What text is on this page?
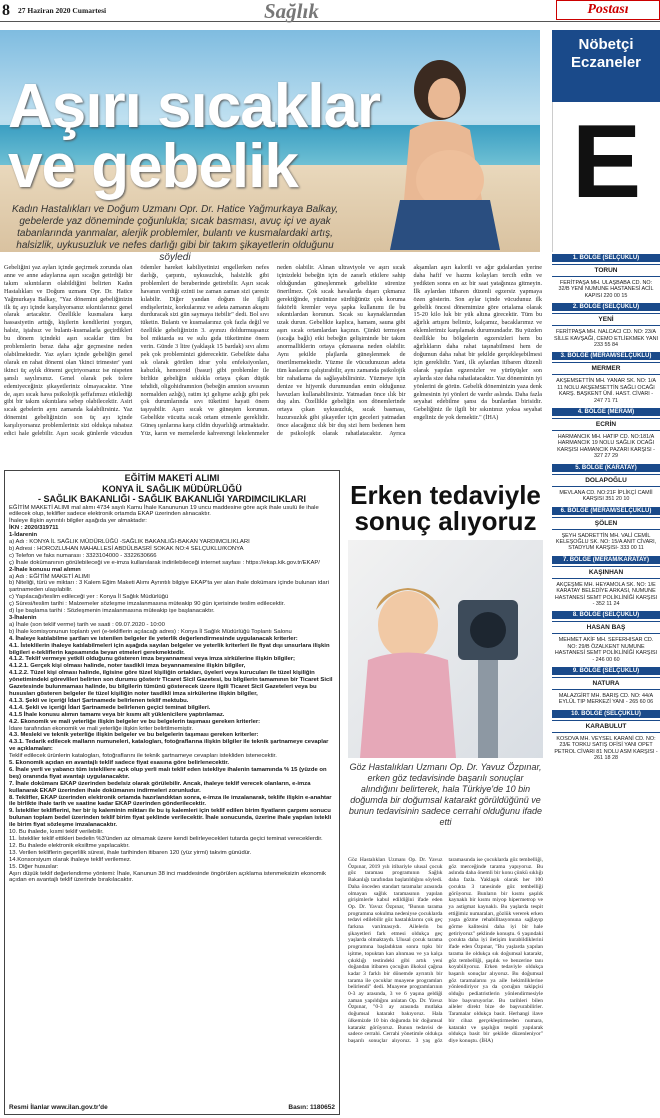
8 27 Haziran 2020 Cumartesi	Sağlık	Postası
Aşırı sıcaklar
ve gebelik
Kadın Hastalıkları ve Doğum Uzmanı Opr. Dr. Hatice Yağmurkaya Balkay, gebelerde yaz döneminde çoğunlukla; sıcak basması, avuç içi ve ayak tabanlarında yanmalar, alerjik problemler, bulantı ve kusmalardaki artış, halsizlik, uykusuzluk ve nefes darlığı gibi bir takım şikayetlerin olduğunu söyledi
Gebeliğini yaz ayları içinde geçirmek zorunda olan anne ve anne adaylarına aşırı sıcağın getirdiği bir takım sıkıntıların olabildiğini belirten Kadın Hastalıkları ve Doğum uzmanı Opr. Dr. Hatice Yağmurkaya Balkay, "Yaz dönemini gebeliğinizin ilk üç ayı içinde karşılıyorsanız sıkıntılarınız genel olarak artacaktır. Özellikle kusmalara karşı hassasiyetin arttığı, kişilerin kendilerini yorgun, halsiz, iştahsız ve bulantı-kusmalarla geçirdikleri bu dönem içindeki aşırı sıcaklar tüm bu problemlerin beraz daha ağır geçmesine neden olabilmektedir. Yaz ayları içinde gebeliğin genel olarak en rahat dönemi olan 'ikinci trimester' yani ikinci üç aylık dönemi geçiriyorsanız ise nispeten şanslı sayılırsınız. Genel olarak pek tolere edemiyeceğiniz şikayetleriniz olmayacaktır. Yine de, aşırı sıcak hava psikolojik şeffafımızı etkilediği gibi bir takım sıkıntılara sebep olabilecektir. Asiri sıcak gebelerin aynı zamanda kalabilirsiniz. Yaz dönemini gebeliğinizin son üç ayı içinde karşılıyorsanız problemleriniz sizi oldukça rahatsız edici hale gelebilir. Aşırı sıcak günlerde vücudun ödemler hareket kabiliyetinizi engellerken nefes darlığı, çarpıntı, uykusuzluk, halsizlik gibi problemleri de beraberinde getirebilir. Aşırı sıcak havanın verdiği ezinti ise zaman zaman sizi çaresiz kılabilir. Diğer yandan doğum ile ilgili endişeleriniz, korkularınız ve adeta zamanın akışını durduracak sizi gün saymaya itebilir" dedi. Bol sıvı tüketin. Bulantı ve kusmalarınız çok fazla değil ve özellikle gebeliğinizin 3. ayınızı doldurmuşsanız bol miktarda su ve sulu gıda tüketimine önem verin. Günde 3 litre (yaklaşık 15 bardak) sıvı alımı pek çok probleminizi giderecektir. Gebelikte daha sık olarak görülen idrar yolu enfeksiyonları, kabızlık, hemoroid (basur) gibi problemler ile birlikte gebeliğin sıklıkla ortaya çıkan düşük tehdidi, oligohidramnion (bebeğin amnion sıvısının normalden azlığı), ratim içi gelişme azlığı gibi pek çok durumlarında sıvı tüketimi hayati önem taşıyabilir. Aşırı sıcak ve güneşten korunun. Gebelikte vücutta sıcak ortam etmenle gereklidir. Güneş ışınlarına karşı cildin duyarlılığı artmaktadır. Yüz, karın ve memelerde kahverengi lekelenmeler neden olabilir. Alınan ultraviyole ve aşırı sıcak içinizdeki bebeğin için de zararlı etkilere sahip olduğundan güneşlenmek gebelikte sürenize önerilmez. Çok sıcak havalarda dışarı çıkmanız gerektiğinde, yüzünüze sürdüğünüz çok koruma faktörlü kremler veya şapka kullanımı ile bu sıkıntılardan korunun. Sıcak su kaynaklarından uzak durun. Gebelikte kaplıca, hamam, sauna gibi aşırı sıcak ortamlardan kaçının. Çünkü termojen (sıcağa bağlı) etki bebeğin gelişiminde bir takım anormalliklerin ortaya çıkmasına neden olabilir. Aynı şekilde plajlarda güneşlenmek de önerilmemektedir. Yüzme ile vücudunuzun adeta tüm kaslarını çalıştırabilir, aynı zamanda psikolojik bir rahatlama da sağlayabilirsiniz. Yüzmeye için denize ve hijyenik durumundan emin olduğunuz havuzları kullanabilirsiniz. Yatmadan önce ılık bir duş alın. Özellikle gebeliğin son dönemlerinde ortaya çıkan uykusuzluk, sıcak basması, huzursuzluk gibi şikayetler için geceleri yatmadan önce alacağınız ılık bir duş sizi hem bedenen hem de psikolojik olarak rahatlatacaktır. Ayrıca akşamları aşırı kalorili ve ağır gıdalardan yerine daha hafif ve hazmı kolayları tercih edin ve yedikten sonra en az bir saat yatağınıza gitmeyin. İlk aylardan itibaren düzenli egzersiz yapmaya özen gösterin. Son aylar içinde vücudunuz ilk gebelik öncesi dönemimize göre ortalama olarak 15-20 kilo luk bir yük altına girecektir. Tüm bu ağırlık artışını belimiz, kalçamız, bacaklarımız ve eklemlerimiz karşılamak durumundadır. Bu yüzden özellikle bu bölgelerin egzersizleri hem bu ağırlıkların daha rahat taşınabilmesi hem de doğumun daha rahat bir şekilde gerçekleşebilmesi için gereklidir. Yani, ilk aylardan itibaren düzenli olarak yapılan egzersizler ve yürüyüşler son aylarda size daha rahatlatacaktır. Yaz döneminin iyi yönlerini de görün. Gebelik döneminizin yaza denk gelmesinin iyi yönleri de vardır aslında. Daha fazla seyahat edebilme şansı da bunlardan birisidir. Gebeliğiniz ile ilgili bir sıkıntınız yoksa seyahat engeliniz de yok demektir." (İHA)
EĞİTİM MAKETİ ALIMI
KONYA İL SAĞLIK MÜDÜRLÜĞÜ
- SAĞLIK BAKANLIĞI - SAĞLIK BAKANLIĞI YARDIMCILIKLARI
EĞİTİM MAKETİ ALIMI mal alımı 4734 sayılı Kamu İhale Kanununun 19 uncu maddesine göre açık ihale usulü ile ihale edilecek olup, teklifler sadece elektronik ortamda EKAP üzerinden alınacaktır.
İhaleye ilişkin ayrıntılı bilgiler aşağıda yer almaktadır:
İKN : 2020/319711
1-İdarenin
a) Adı : KONYA İL SAĞLIK MÜDÜRLÜĞÜ -SAĞLIK BAKANLIĞI-BAKAN YARDIMCILIKLARI
b) Adresi : HOROZLUHAN MAHALLESİ ABDÜLBASRİ SOKAK NO:4 SELÇUKLU/KONYA
c) Telefon ve faks numarası : 3323104000 - 3322630666
ç) İhale dokümanının görülebileceği ve e-imza kullanılarak indirilebileceği internet sayfası : https://ekap.kik.gov.tr/EKAP/
2-İhale konusu mal alımın
a) Adı : EĞİTİM MAKETİ ALIMI
b) Niteliği, türü ve miktarı : 3 Kalem Eğim Maketi Alımı Ayrıntılı bilgiye EKAP'ta yer alan ihale dokümanı içinde bulunan idari şartnameden ulaşılabilir.
c) Yapılacağı/teslim edileceği yer : Konya İl Sağlık Müdürlüğü
ç) Süresi/teslim tarihi : Malzemeler sözleşme imzalanmasına müteakip 90 gün içerisinde teslim edilecektir.
d) İşe başlama tarihi : Sözleşmenin imzalanmasına müteakip işe başlanacaktır.
3-İhalenin
a) İhale (son teklif verme) tarih ve saati : 09.07.2020 - 10:00
b) İhale komisyonunun toplantı yeri (e-tekliflerin açılacağı adres) : Konya İl Sağlık Müdürlüğü Toplantı Salonu
4. İhaleye katılabilme şartları ve istenilen belgeler ile yeterlik değerlendirmesinde uygulanacak kriterler:
4.1. İsteklilerin ihaleye katılabilmeleri için aşağıda sayılan belgeler ve yeterlik kriterleri ile fiyat dışı unsurlara ilişkin bilgileri e-tekliflerin kapsamında beyan etmeleri gerekmektedir.
4.1.2. Teklif vermeye yetkili olduğunu gösteren imza beyannamesi veya imza sirkülerine ilişkin bilgiler;
4.1.2.1. Gerçek kişi olması halinde, noter tasdikli imza beyannamesine ilişkin bilgiler,
4.1.2.2. Tüzel kişi olması halinde, ilgisine göre tüzel kişiliğin ortakları, üyeleri veya kurucuları ile tüzel kişiliğin yönetimindeki görevlileri belirten son durumu gösterir Ticaret Sicil Gazetesi, bu bilgilerin tamamının bir Ticaret Sicil Gazetesinde bulunmaması halinde, bu bilgilerin tümünü gösterecek üzere ilgili Ticaret Sicil Gazeteleri veya bu hususları gösteren belgeler ile tüzel kişiliğin noter tasdikli imza sirkülerine ilişkin bilgiler,
4.1.3. Şekli ve içeriği İdari Şartnamede belirlenen teklif mektubu.
4.1.4. Şekli ve içeriği İdari Şartnamede belirlenen geçici teminat bilgileri.
4.1.5 İhale konusu alımın tamamı veya bir kısmı alt yüklenicilere yaptırılamaz.
4.2. Ekonomik ve mali yeterliğe ilişkin belgeler ve bu belgelerin taşıması gereken kriterler:
İdare tarafından ekonomik ve mali yeterliğe ilişkin kriter belirtilmemiştir.
4.3. Mesleki ve teknik yeterliğe ilişkin belgeler ve bu belgelerin taşıması gereken kriterler:
4.3.1. Tedarik edilecek malların numuneleri, katalogları, fotoğraflarına ilişkin bilgiler ile teknik şartnameye cevaplar ve açıklamaları:
Teklif edilecek ürünlerin katalogları, fotoğraflarını ile teknik şartnameye cevapları istekliden istenecektir.
5. Ekonomik açıdan en avantajlı teklif sadece fiyat esasına göre belirlenecektir.
6. İhale yerli ve yabancı tüm isteklilere açık olup yerli malı teklif eden istekliye ihalenin tamamında % 15 (yüzde on beş) oranında fiyat avantajı uygulanacaktır.
7. İhale dokümanı EKAP üzerinden bedelsiz olarak görülebilir. Ancak, ihaleye teklif verecek olanların, e-imza kullanarak EKAP üzerinden ihale dokümanını indirmeleri zorunludur.
8. Teklifler, EKAP üzerinden elektronik ortamda hazırlandıktan sonra, e-imza ile imzalanarak, teklife ilişkin e-anahtar ile birlikte ihale tarih ve saatine kadar EKAP üzerinden gönderilecektir.
9. İstekliler tekliflerini, her bir iş kaleminin miktarı ile bu iş kalemleri için teklif edilen birim fiyatların çarpımı sonucu bulunan toplam bedel üzerinden teklif birim fiyat şeklinde verilecektir. İhale sonucunda, üzerine ihale yapılan istekli ile birim fiyat sözleşme imzalanacaktır.
10. Bu ihalede, kısmi teklif verilebilir.
11. İstekliler teklif ettikleri bedelin %3'ünden az olmamak üzere kendi belirleyecekleri tutarda geçici teminat vereceklerdir.
12. Bu ihalede elektronik eksiltme yapılacaktır.
13. Verilen tekliflerin geçerlilik süresi, ihale tarihinden itibaren 120 (yüz yirmi) takvim günüdür.
14.Konsorsiyum olarak ihaleye teklif verilemez.
15. Diğer hususlar:
Aşırı düşük teklif değerlendirme yöntemi: İhale, Kanunun 38 inci maddesinde öngörülen açıklama istenmeksizin ekonomik açıdan en avantajlı teklif üzerinde bırakılacaktır.
Resmi İlanlar www.ilan.gov.tr'de	Basın: 1180652
Erken tedaviyle
sonuç alıyoruz
Göz Hastalıkları Uzmanı Op. Dr. Yavuz Özpınar, erken göz tedavisinde başarılı sonuçlar alındığını belirterek, hala Türkiye'de 10 bin doğumda bir doğumsal katarakt görüldüğünü ve bunun tedavisinin sadece cerrahi olduğunu ifade etti
Göz Hastalıkları Uzmanı Op. Dr. Yavuz Özpınar, 2019 yılı itibariyle ulusal çocuk göz taraması programının Sağlık Bakanlığı tarafından başlatıldığını söyledi. Daha önceden standart taramalar arasında olmayan sağlık taramasının yapılan girişimlerle kabul edildiğini ifade eden Op. Dr. Yavuz Özpınar, "Bunun tarama programına sokulma nedeniyse çocuklarda tedavi edilebilir göz hastalıklarını çok geç farkına varılmasıydı. Ailelerin bu şikayetleri fark etmesi oldukça geç yaşlarda olmaktaydı. Ulusal çocuk tarama programına başladıktan sonra tıpkı bir işitme, topuktan kan alınması ve ya kalça çıkıklığı testindeki gibi artık yeni doğandan itibaren çocuğun ilkokul çağına kadar 3 farklı bir dönemde ayrıntılı bir tarama ile çocuklar muayene programları belirlendi" dedi. Muayene programlarının 0-3 ay arasında, 3 ve 6 yaşına geldiği zaman yapıldığını anlatan Op. Dr. Yavuz Özpınar, "0-3 ay arasında mutlaka doğumsal katarakt bakıyoruz. Hala ülkemizde 10 bin doğumda bir doğumsal katarakt görüyoruz. Bunun tedavisi de sadece cerrahi. Cerrahi yönetimle oldukça başarılı sonuçlar alıyoruz. 3 yaş göz taramasında ise çocuklarda göz tembelliği, göz merceğinde tarama yapıyoruz. Bu aslında daha önemli bir konu çünkü sıklığı daha fazla. Yaklaşık olarak her 100 çocukta 3 tanesinde göz tembelliği görüyoruz. Bunların bir kısmı şaşılık kaynaklı bir kısmı miyop hipermetrop ve ya astigmat kaynaklı. Bu yaşlarda tespit ettiğimiz numaraları, gözlük vererek erken yaşta gözme rehabilitasyonuna sağlayıp görme kalitesini daha iyi bir hale getiriyoruz" şeklinde konuştu. 6 yaşındaki çocukta daha iyi iletişim kurabildiklerini ifade eden Özpınar, "Bu yaşlarda yapılan tarama ile oldukça sık doğumsal katarakt, göz tembelliği, şaşılık ve benzerine tanı koyabiliyoruz. Erken tedaviyle oldukça başarılı sonuçlar alıyoruz. Bu doğumsal göz taramalarını ya aile hekimliklerine yönlendiriyor ya da çocuğun takipçisi olduğu pediatristlerin yönlendirmesiyle bize başvuruyorlar. Bu tarihleri bilen aileler direkt bize de başvurabilirler. Taramalar oldukça basit. Herhangi ilave bir cihaz gerçekleştirmeden numara, katarakt ve şaşılığın tespiti yapılarak oldukça basit bir şekilde düzenleniyor" diye konuştu. (İHA)
Nöbetçi
Eczaneler
E
1. BÖLGE (SELÇUKLU)
TORUN
FERİTPAŞA MH. ULAŞBABA CD. NO: 32/B YENİ NUMUNE HASTANESİ ACİL KAPISI 220 00 15
2. BÖLGE (SELÇUKLU)
YENİ
FERİTPAŞA MH. NALCACI CD. NO: 23/A SİLLE KAVŞAĞI, CEMO ETLİEKMEK YANI 233 55 84
3. BÖLGE (MERAM/SELÇUKLU)
MERMER
AKŞEMSETTİN MH. YANAR SK. NO: 1/A 11 NOLU AKŞEMSETTİN SAĞLI OCAĞI KARŞ. BAŞKENT ÜNİ. HAST. CİVARI - 247 71 71
4. BÖLGE (MERAM)
ECRİN
HARMANCIK MH. HATIP CD. NO:181/A HARMANCIK 19 NOLU SAĞLIK OCAĞI KARŞISI HAMANCIK PAZARI KARŞISI - 327 27 29
5. BÖLGE (KARATAY)
DOLAPOĞLU
MEVLANA CD. NO:21F İPLİKÇİ CAMİİ KARŞISI 351 20 10
6. BÖLGE (MERAM/SELÇUKLU)
ŞÖLEN
ŞEYH SADRETTİN MH. VALİ CEMİL KELEŞOĞLU SK. NO: 15/A ANIT CİVARI, STADYUM KARŞISI- 333 00 11
7. BÖLGE (MERAM/KARATAY)
KAŞINHAN
AKÇEŞME MH. HEYAMOLA SK. NO: 1/E KARATAY BELEDİYE ARKASI, NUMUNE HASTANESİ SEMT POLİKLİNİĞİ KARŞISI - 352 11 24
8. BÖLGE (SELÇUKLU)
HASAN BAŞ
MEHMET AKİF MH. SEFERHISAR CD. NO: 29/B ÖZALKENT NUMUNE HASTANESİ SEMT POLİKLİNİĞİ KARŞISI - 246 00 60
9. BÖLGE (SELÇUKLU)
NATURA
MALAZGİRT MH. BARIŞ CD. NO: 44/A EYLÜL TIP MERKEZİ YANI - 265 60 06
10. BÖLGE (SELÇUKLU)
KARABULUT
KOSOVA MH. VEYSEL KARANİ CD. NO: 23/E TORKU SATIŞ OFİSİ YANI OPET PETROL CİVARI 81 NOLU ASM KARŞISI - 261 18 28
